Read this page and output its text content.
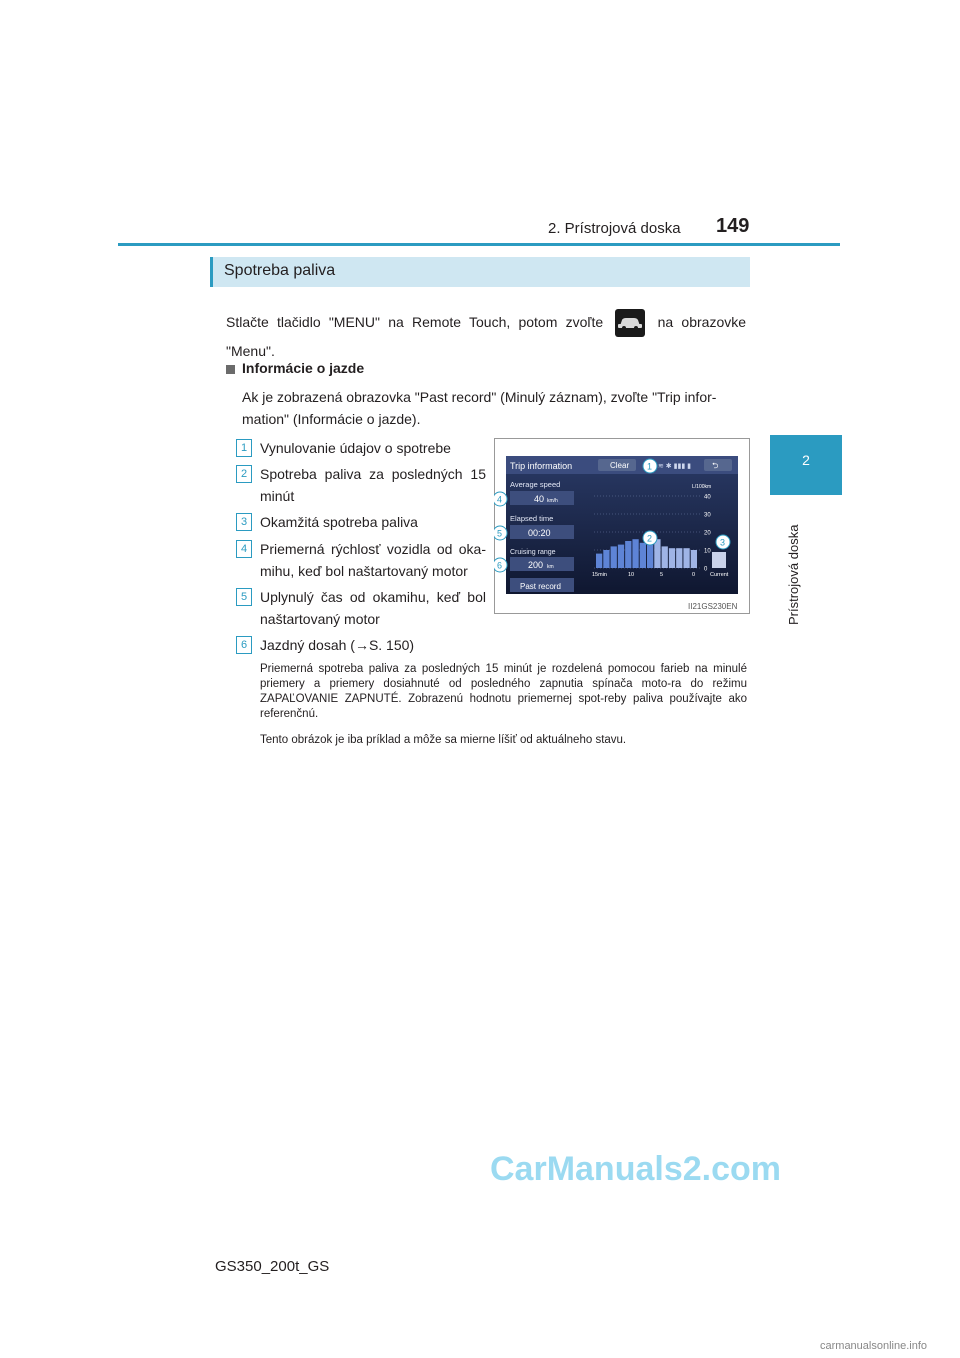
2. Prístrojová doska 149
2
Prístrojová doska
Spotreba paliva
Stlačte tlačidlo "MENU" na Remote Touch, potom zvoľte	na obrazovke "Menu".
Informácie o jazde
Ak je zobrazená obrazovka "Past record" (Minulý záznam), zvoľte "Trip infor-mation" (Informácie o jazde).
1 Vynulovanie údajov o spotrebe
2 Spotreba paliva za posledných 15 minút
3 Okamžitá spotreba paliva
4 Priemerná rýchlosť vozidla od oka-mihu, keď bol naštartovaný motor
5 Uplynulý čas od okamihu, keď bol naštartovaný motor
6 Jazdný dosah (→S. 150)
Priemerná spotreba paliva za posledných 15 minút je rozdelená pomocou farieb na minulé priemery a priemery dosiahnuté od posledného zapnutia spínača moto-ra do režimu ZAPAĽOVANIE ZAPNUTÉ. Zobrazenú hodnotu priemernej spot-reby paliva používajte ako referenčnú.
Tento obrázok je iba príklad a môže sa mierne líšiť od aktuálneho stavu.
Trip information	Clear	≋ ✱ ▮▮▮ ▮	⮌
Average speed
40 km/h
Elapsed time
00:20
Cruising range
200 km
Past record
L/100km
40
30
20
10
0
15min	10	5	0	Current
1
2	3
4
5
6
II21GS230EN
GS350_200t_GS
CarManuals2.com
carmanualsonline.info
